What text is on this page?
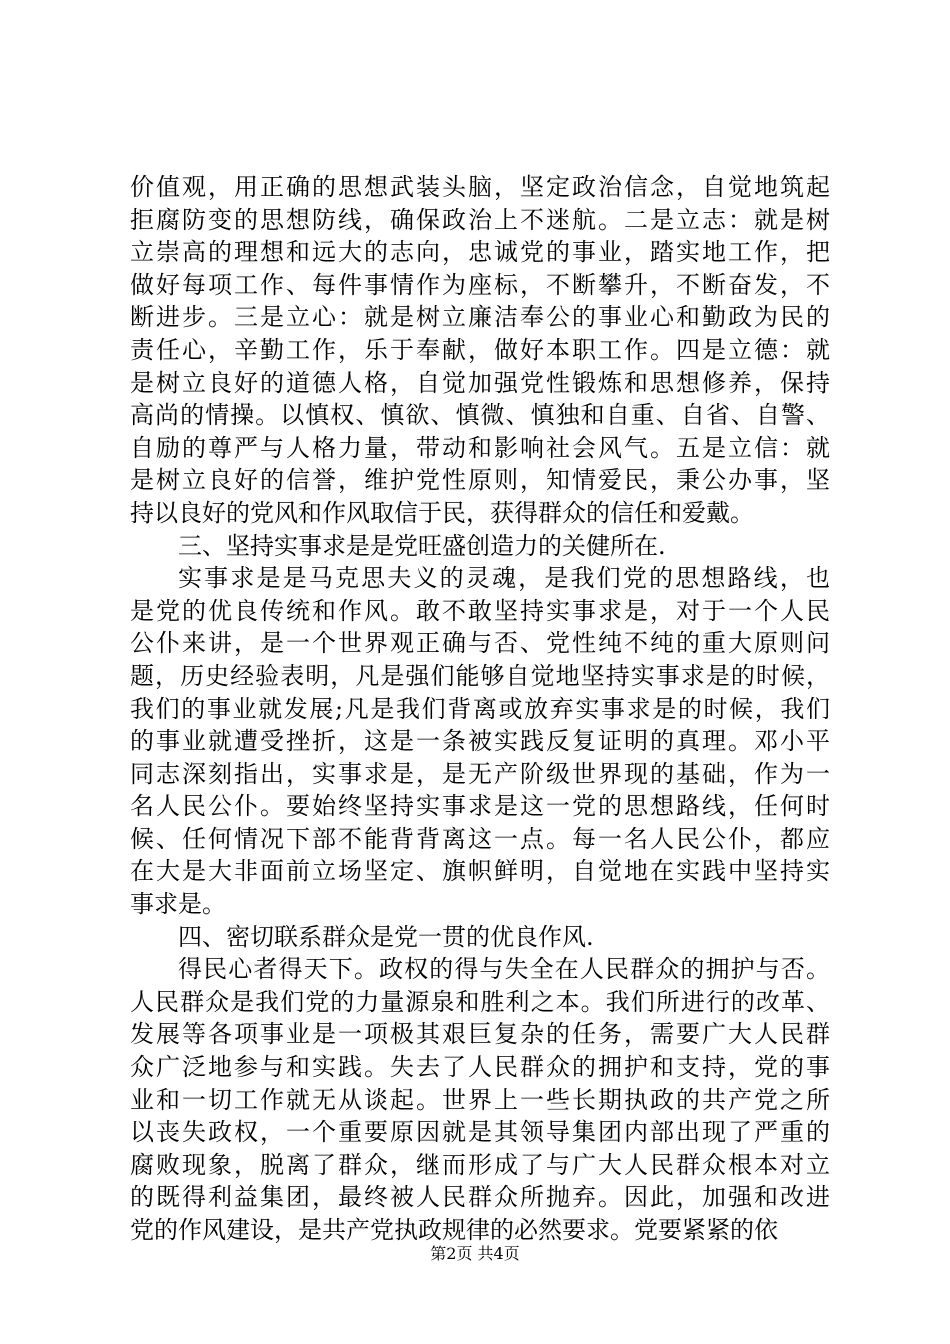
价值观，用正确的思想武装头脑，坚定政治信念，自觉地筑起
拒腐防变的思想防线，确保政治上不迷航。二是立志：就是树
立崇高的理想和远大的志向，忠诚党的事业，踏实地工作，把
做好每项工作、每件事情作为座标，不断攀升，不断奋发，不
断进步。三是立心：就是树立廉洁奉公的事业心和勤政为民的
责任心，辛勤工作，乐于奉献，做好本职工作。四是立德：就
是树立良好的道德人格，自觉加强党性锻炼和思想修养，保持
高尚的情操。以慎权、慎欲、慎微、慎独和自重、自省、自警、
自励的尊严与人格力量，带动和影响社会风气。五是立信：就
是树立良好的信誉，维护党性原则，知情爱民，秉公办事，坚
持以良好的党风和作风取信于民，获得群众的信任和爱戴。
三、坚持实事求是是党旺盛创造力的关健所在.
实事求是是马克思夫义的灵魂，是我们党的思想路线，也
是党的优良传统和作风。敢不敢坚持实事求是，对于一个人民
公仆来讲，是一个世界观正确与否、党性纯不纯的重大原则问
题，历史经验表明，凡是强们能够自觉地坚持实事求是的时候，
我们的事业就发展;凡是我们背离或放弃实事求是的时候，我们
的事业就遭受挫折，这是一条被实践反复证明的真理。邓小平
同志深刻指出，实事求是，是无产阶级世界现的基础，作为一
名人民公仆。要始终坚持实事求是这一党的思想路线，任何时
候、任何情况下部不能背背离这一点。每一名人民公仆，都应
在大是大非面前立场坚定、旗帜鲜明，自觉地在实践中坚持实
事求是。
四、密切联系群众是党一贯的优良作风.
得民心者得天下。政权的得与失全在人民群众的拥护与否。
人民群众是我们党的力量源泉和胜利之本。我们所进行的改革、
发展等各项事业是一项极其艰巨复杂的任务，需要广大人民群
众广泛地参与和实践。失去了人民群众的拥护和支持，党的事
业和一切工作就无从谈起。世界上一些长期执政的共产党之所
以丧失政权，一个重要原因就是其领导集团内部出现了严重的
腐败现象，脱离了群众，继而形成了与广大人民群众根本对立
的既得利益集团，最终被人民群众所抛弃。因此，加强和改进
党的作风建设，是共产党执政规律的必然要求。党要紧紧的依
第2页 共4页
